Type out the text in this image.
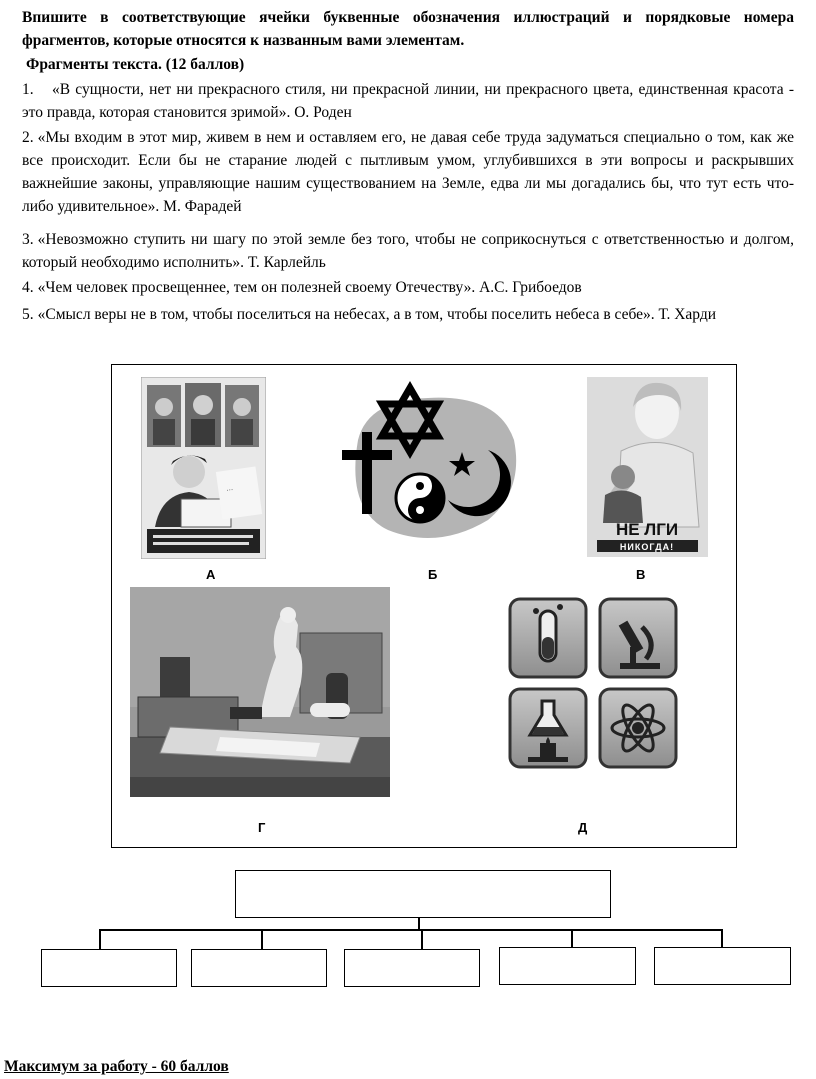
Впишите в соответствующие ячейки буквенные обозначения иллюстраций и порядковые номера фрагментов, которые относятся к названным вами элементам.
Фрагменты текста. (12 баллов)
1. «В сущности, нет ни прекрасного стиля, ни прекрасной линии, ни прекрасного цвета, единственная красота - это правда, которая становится зримой». О. Роден
2. «Мы входим в этот мир, живем в нем и оставляем его, не давая себе труда задуматься специально о том, как же все происходит. Если бы не старание людей с пытливым умом, углубившихся в эти вопросы и раскрывших важнейшие законы, управляющие нашим существованием на Земле, едва ли мы догадались бы, что тут есть что-либо удивительное». М. Фарадей
3. «Невозможно ступить ни шагу по этой земле без того, чтобы не соприкоснуться с ответственностью и долгом, который необходимо исполнить». Т. Карлейль
4. «Чем человек просвещеннее, тем он полезней своему Отечеству». А.С. Грибоедов
5. «Смысл веры не в том, чтобы поселиться на небесах, а в том, чтобы поселить небеса в себе». Т. Харди
...
А	Б
НЕ ЛГИ
НИКОГДА!
В
Г	Д
Максимум за работу - 60 баллов
